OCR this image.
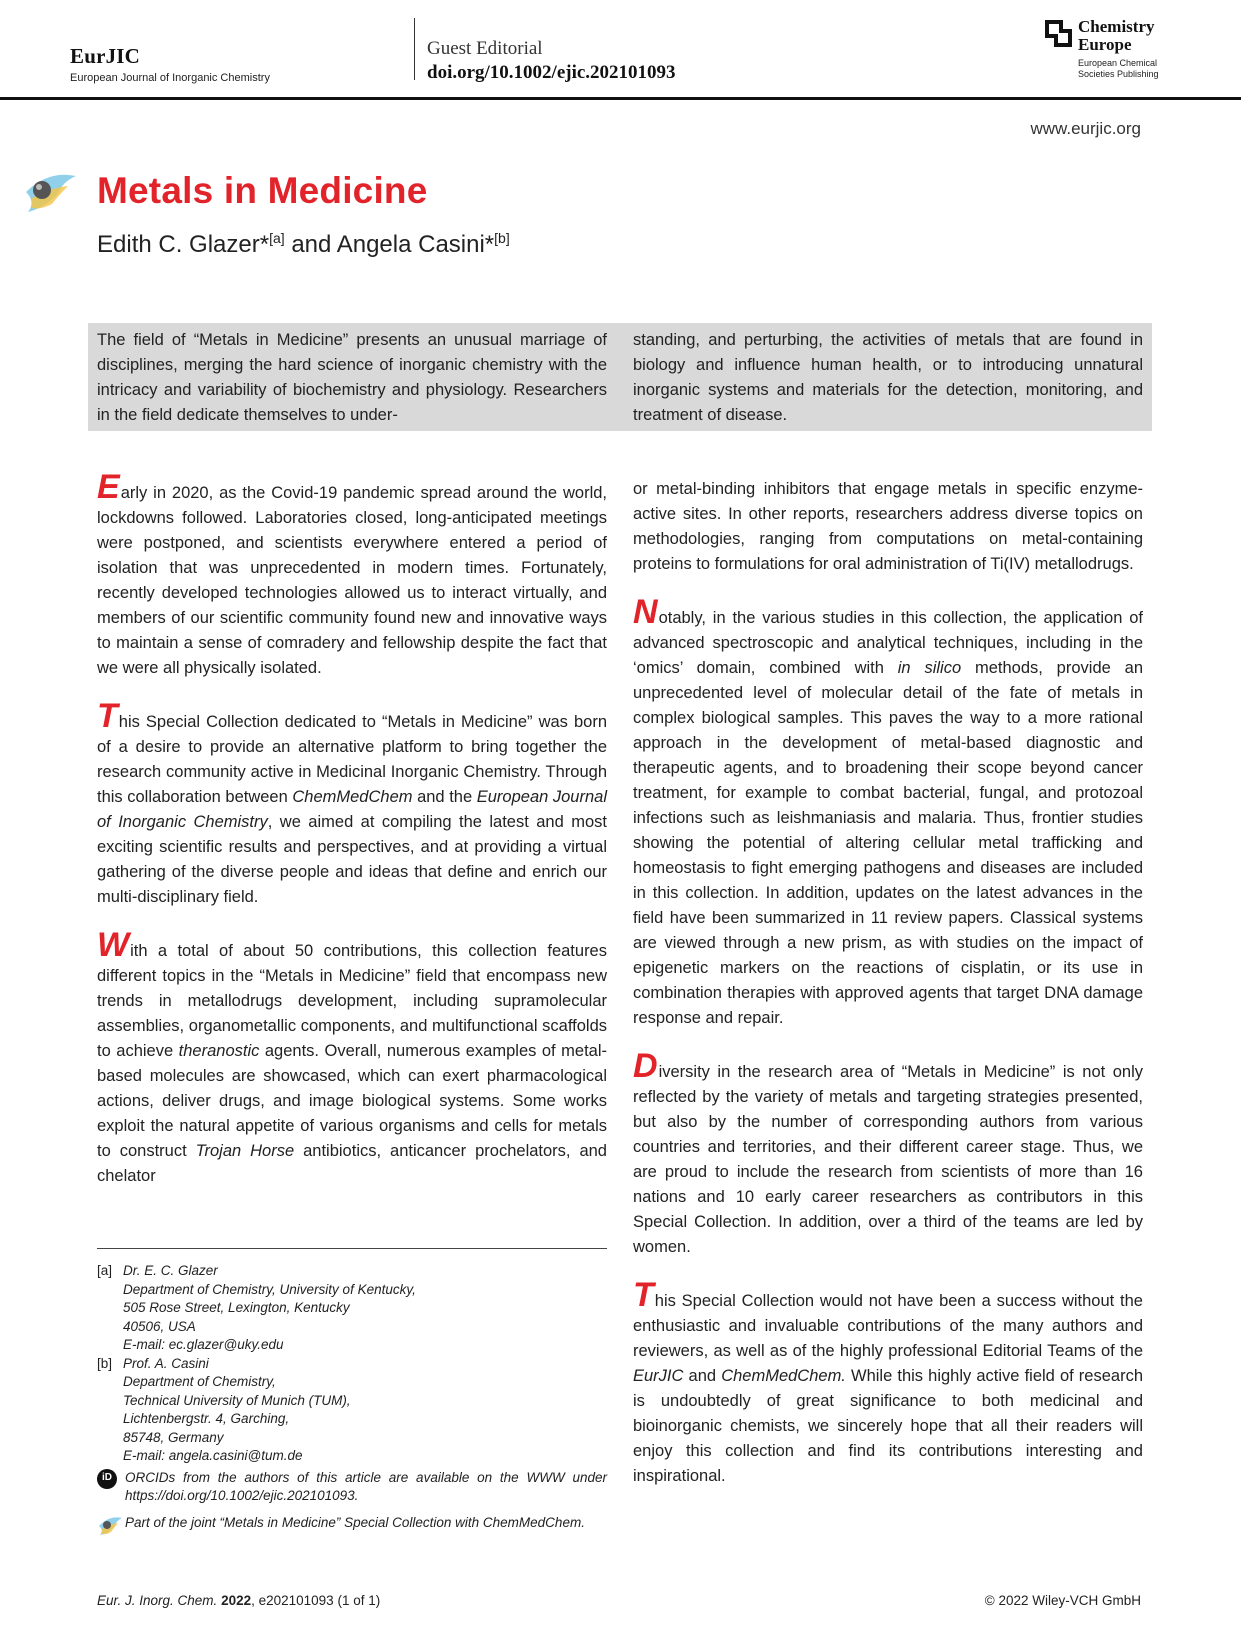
EurJIC
European Journal of Inorganic Chemistry
Guest Editorial
doi.org/10.1002/ejic.202101093
Chemistry
Europe
European Chemical Societies Publishing
www.eurjic.org
Metals in Medicine
Edith C. Glazer*[a] and Angela Casini*[b]
The field of “Metals in Medicine” presents an unusual marriage of disciplines, merging the hard science of inorganic chemistry with the intricacy and variability of biochemistry and physiology. Researchers in the field dedicate themselves to under-
standing, and perturbing, the activities of metals that are found in biology and influence human health, or to introducing unnatural inorganic systems and materials for the detection, monitoring, and treatment of disease.

Early in 2020, as the Covid-19 pandemic spread around the world, lockdowns followed. Laboratories closed, long-anticipated meetings were postponed, and scientists everywhere entered a period of isolation that was unprecedented in modern times. Fortunately, recently developed technologies allowed us to interact virtually, and members of our scientific community found new and innovative ways to maintain a sense of comradery and fellowship despite the fact that we were all physically isolated.

This Special Collection dedicated to “Metals in Medicine” was born of a desire to provide an alternative platform to bring together the research community active in Medicinal Inorganic Chemistry. Through this collaboration between ChemMedChem and the European Journal of Inorganic Chemistry, we aimed at compiling the latest and most exciting scientific results and perspectives, and at providing a virtual gathering of the diverse people and ideas that define and enrich our multi-disciplinary field.

With a total of about 50 contributions, this collection features different topics in the “Metals in Medicine” field that encompass new trends in metallodrugs development, including supramolecular assemblies, organometallic components, and multifunctional scaffolds to achieve theranostic agents. Overall, numerous examples of metal-based molecules are showcased, which can exert pharmacological actions, deliver drugs, and image biological systems. Some works exploit the natural appetite of various organisms and cells for metals to construct Trojan Horse antibiotics, anticancer prochelators, and chelator

or metal-binding inhibitors that engage metals in specific enzyme-active sites. In other reports, researchers address diverse topics on methodologies, ranging from computations on metal-containing proteins to formulations for oral administration of Ti(IV) metallodrugs.

Notably, in the various studies in this collection, the application of advanced spectroscopic and analytical techniques, including in the ‘omics’ domain, combined with in silico methods, provide an unprecedented level of molecular detail of the fate of metals in complex biological samples. This paves the way to a more rational approach in the development of metal-based diagnostic and therapeutic agents, and to broadening their scope beyond cancer treatment, for example to combat bacterial, fungal, and protozoal infections such as leishmaniasis and malaria. Thus, frontier studies showing the potential of altering cellular metal trafficking and homeostasis to fight emerging pathogens and diseases are included in this collection. In addition, updates on the latest advances in the field have been summarized in 11 review papers. Classical systems are viewed through a new prism, as with studies on the impact of epigenetic markers on the reactions of cisplatin, or its use in combination therapies with approved agents that target DNA damage response and repair.

Diversity in the research area of “Metals in Medicine” is not only reflected by the variety of metals and targeting strategies presented, but also by the number of corresponding authors from various countries and territories, and their different career stage. Thus, we are proud to include the research from scientists of more than 16 nations and 10 early career researchers as contributors in this Special Collection. In addition, over a third of the teams are led by women.

This Special Collection would not have been a success without the enthusiastic and invaluable contributions of the many authors and reviewers, as well as of the highly professional Editorial Teams of the EurJIC and ChemMedChem. While this highly active field of research is undoubtedly of great significance to both medicinal and bioinorganic chemists, we sincerely hope that all their readers will enjoy this collection and find its contributions interesting and inspirational.

[a] Dr. E. C. Glazer
Department of Chemistry, University of Kentucky,
505 Rose Street, Lexington, Kentucky
40506, USA
E-mail: ec.glazer@uky.edu
[b] Prof. A. Casini
Department of Chemistry,
Technical University of Munich (TUM),
Lichtenbergstr. 4, Garching,
85748, Germany
E-mail: angela.casini@tum.de
iD ORCIDs from the authors of this article are available on the WWW under https://doi.org/10.1002/ejic.202101093.
Part of the joint “Metals in Medicine” Special Collection with ChemMedChem.
Eur. J. Inorg. Chem. 2022, e202101093 (1 of 1)	© 2022 Wiley-VCH GmbH
